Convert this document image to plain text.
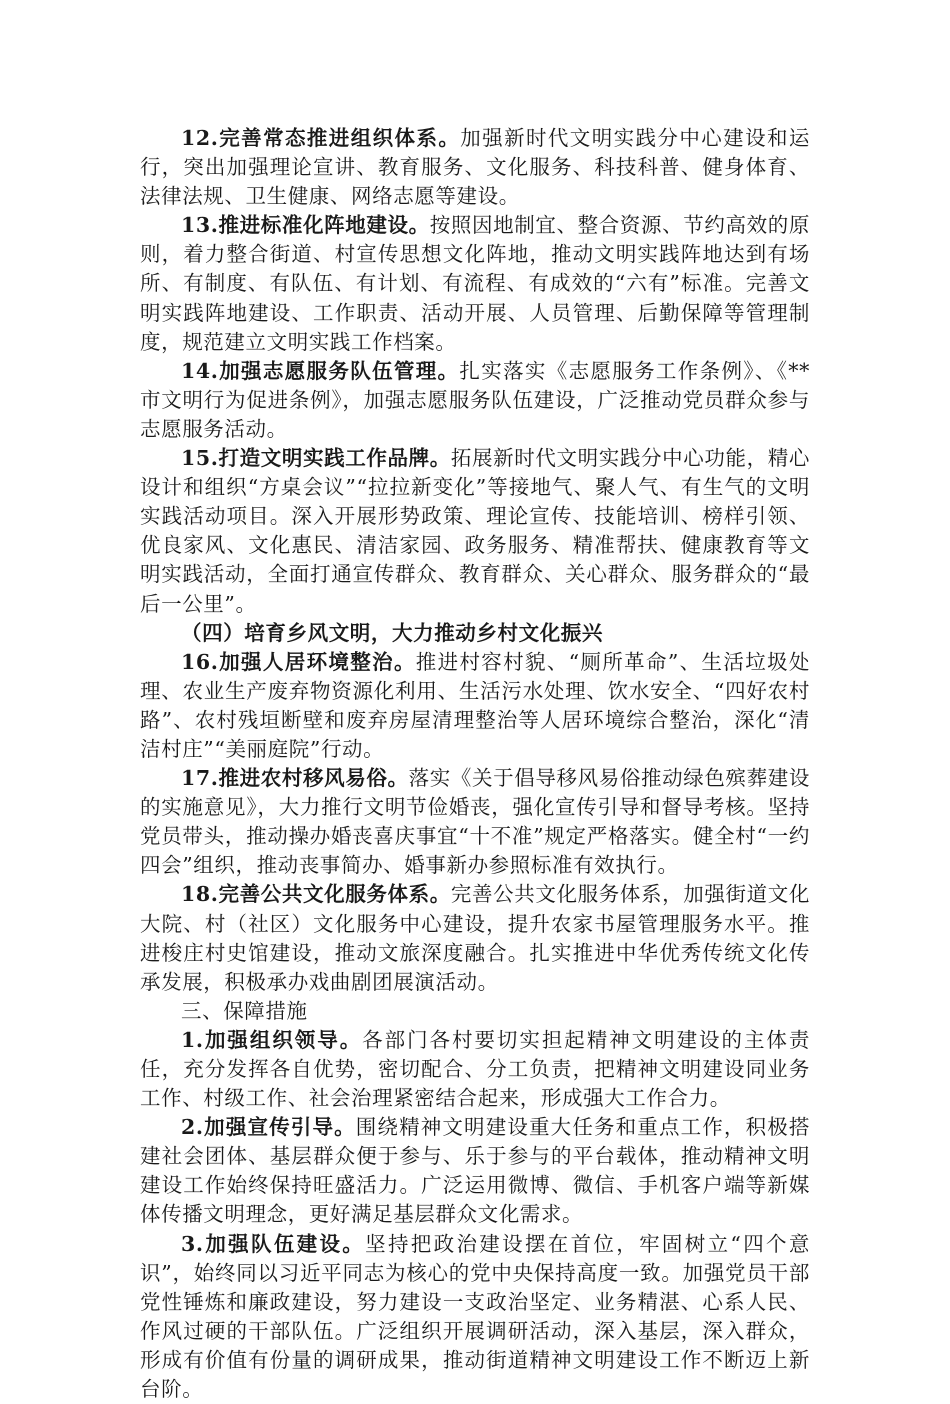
12.完善常态推进组织体系。加强新时代文明实践分中心建设和运行，突出加强理论宣讲、教育服务、文化服务、科技科普、健身体育、法律法规、卫生健康、网络志愿等建设。

13.推进标准化阵地建设。按照因地制宜、整合资源、节约高效的原则，着力整合街道、村宣传思想文化阵地，推动文明实践阵地达到有场所、有制度、有队伍、有计划、有流程、有成效的“六有”标准。完善文明实践阵地建设、工作职责、活动开展、人员管理、后勤保障等管理制度，规范建立文明实践工作档案。

14.加强志愿服务队伍管理。扎实落实《志愿服务工作条例》、《**市文明行为促进条例》，加强志愿服务队伍建设，广泛推动党员群众参与志愿服务活动。

15.打造文明实践工作品牌。拓展新时代文明实践分中心功能，精心设计和组织“方桌会议”“拉拉新变化”等接地气、聚人气、有生气的文明实践活动项目。深入开展形势政策、理论宣传、技能培训、榜样引领、优良家风、文化惠民、清洁家园、政务服务、精准帮扶、健康教育等文明实践活动，全面打通宣传群众、教育群众、关心群众、服务群众的“最后一公里”。

（四）培育乡风文明，大力推动乡村文化振兴

16.加强人居环境整治。推进村容村貌、“厕所革命”、生活垃圾处理、农业生产废弃物资源化利用、生活污水处理、饮水安全、“四好农村路”、农村残垣断壁和废弃房屋清理整治等人居环境综合整治，深化“清洁村庄”“美丽庭院”行动。

17.推进农村移风易俗。落实《关于倡导移风易俗推动绿色殡葬建设的实施意见》，大力推行文明节俭婚丧，强化宣传引导和督导考核。坚持党员带头，推动操办婚丧喜庆事宜“十不准”规定严格落实。健全村“一约四会”组织，推动丧事简办、婚事新办参照标准有效执行。

18.完善公共文化服务体系。完善公共文化服务体系，加强街道文化大院、村（社区）文化服务中心建设，提升农家书屋管理服务水平。推进梭庄村史馆建设，推动文旅深度融合。扎实推进中华优秀传统文化传承发展，积极承办戏曲剧团展演活动。

三、保障措施

1.加强组织领导。各部门各村要切实担起精神文明建设的主体责任，充分发挥各自优势，密切配合、分工负责，把精神文明建设同业务工作、村级工作、社会治理紧密结合起来，形成强大工作合力。

2.加强宣传引导。围绕精神文明建设重大任务和重点工作，积极搭建社会团体、基层群众便于参与、乐于参与的平台载体，推动精神文明建设工作始终保持旺盛活力。广泛运用微博、微信、手机客户端等新媒体传播文明理念，更好满足基层群众文化需求。

3.加强队伍建设。坚持把政治建设摆在首位，牢固树立“四个意识”，始终同以习近平同志为核心的党中央保持高度一致。加强党员干部党性锤炼和廉政建设，努力建设一支政治坚定、业务精湛、心系人民、作风过硬的干部队伍。广泛组织开展调研活动，深入基层，深入群众，形成有价值有份量的调研成果，推动街道精神文明建设工作不断迈上新台阶。
